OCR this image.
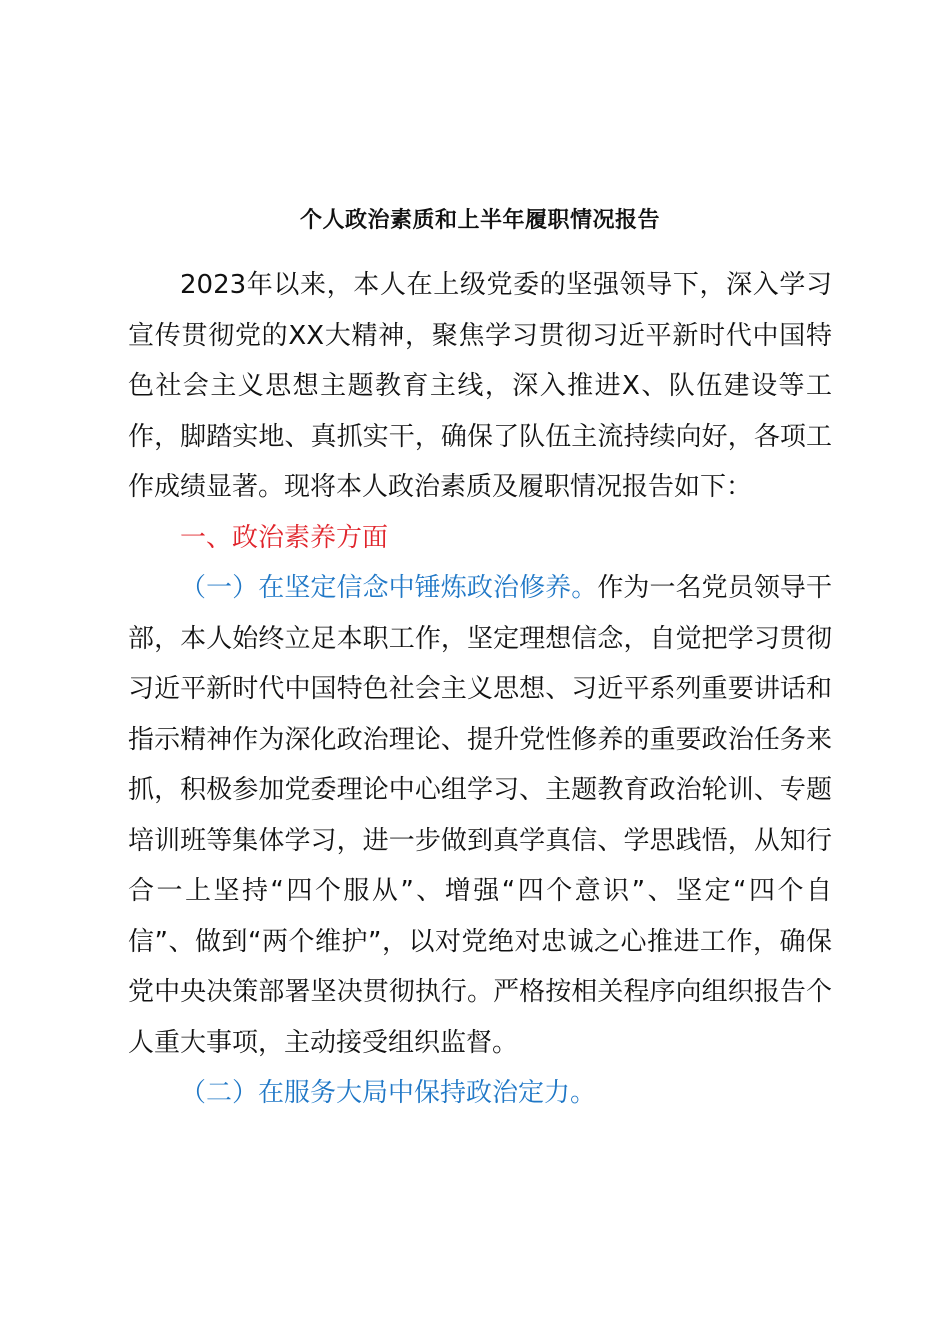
个人政治素质和上半年履职情况报告

2023年以来，本人在上级党委的坚强领导下，深入学习宣传贯彻党的XX大精神，聚焦学习贯彻习近平新时代中国特色社会主义思想主题教育主线，深入推进X、队伍建设等工作，脚踏实地、真抓实干，确保了队伍主流持续向好，各项工作成绩显著。现将本人政治素质及履职情况报告如下：

一、政治素养方面

（一）在坚定信念中锤炼政治修养。作为一名党员领导干部，本人始终立足本职工作，坚定理想信念，自觉把学习贯彻习近平新时代中国特色社会主义思想、习近平系列重要讲话和指示精神作为深化政治理论、提升党性修养的重要政治任务来抓，积极参加党委理论中心组学习、主题教育政治轮训、专题培训班等集体学习，进一步做到真学真信、学思践悟，从知行合一上坚持“四个服从”、增强“四个意识”、坚定“四个自信”、做到“两个维护”，以对党绝对忠诚之心推进工作，确保党中央决策部署坚决贯彻执行。严格按相关程序向组织报告个人重大事项，主动接受组织监督。

（二）在服务大局中保持政治定力。
